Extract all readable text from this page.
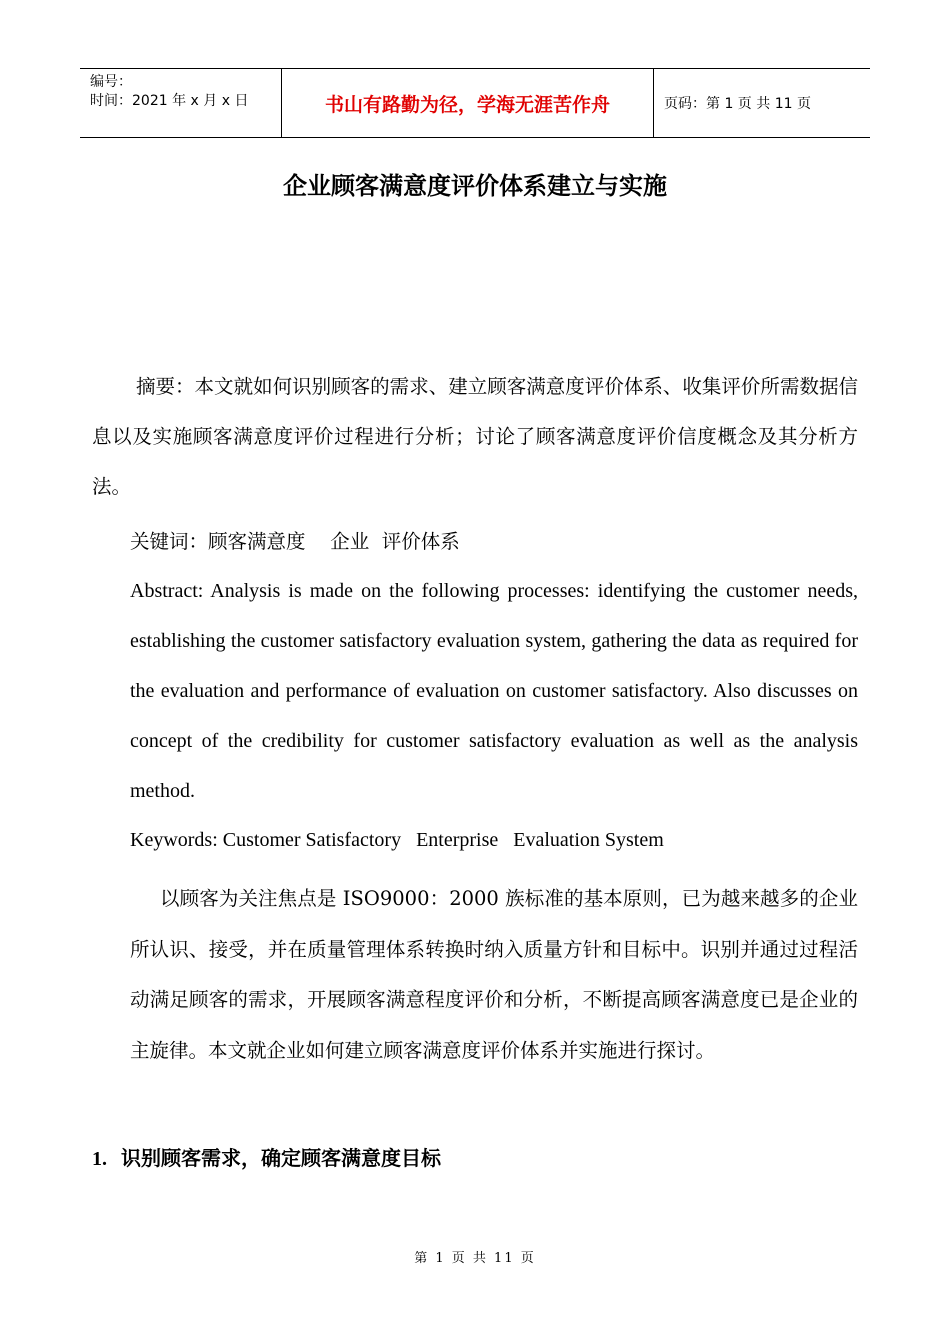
编号：
时间：2021 年 x 月 x 日	书山有路勤为径，学海无涯苦作舟	页码：第 1 页 共 11 页
企业顾客满意度评价体系建立与实施
摘要：本文就如何识别顾客的需求、建立顾客满意度评价体系、收集评价所需数据信息以及实施顾客满意度评价过程进行分析；讨论了顾客满意度评价信度概念及其分析方法。
关键词：顾客满意度    企业  评价体系
Abstract: Analysis is made on the following processes: identifying the customer needs, establishing the customer satisfactory evaluation system, gathering the data as required for the evaluation and performance of evaluation on customer satisfactory. Also discusses on concept of the credibility for customer satisfactory evaluation as well as the analysis method.
Keywords: Customer Satisfactory   Enterprise   Evaluation System
以顾客为关注焦点是 ISO9000：2000 族标准的基本原则，已为越来越多的企业所认识、接受，并在质量管理体系转换时纳入质量方针和目标中。识别并通过过程活动满足顾客的需求，开展顾客满意程度评价和分析，不断提高顾客满意度已是企业的主旋律。本文就企业如何建立顾客满意度评价体系并实施进行探讨。
1. 识别顾客需求，确定顾客满意度目标
第 1 页 共 11 页
